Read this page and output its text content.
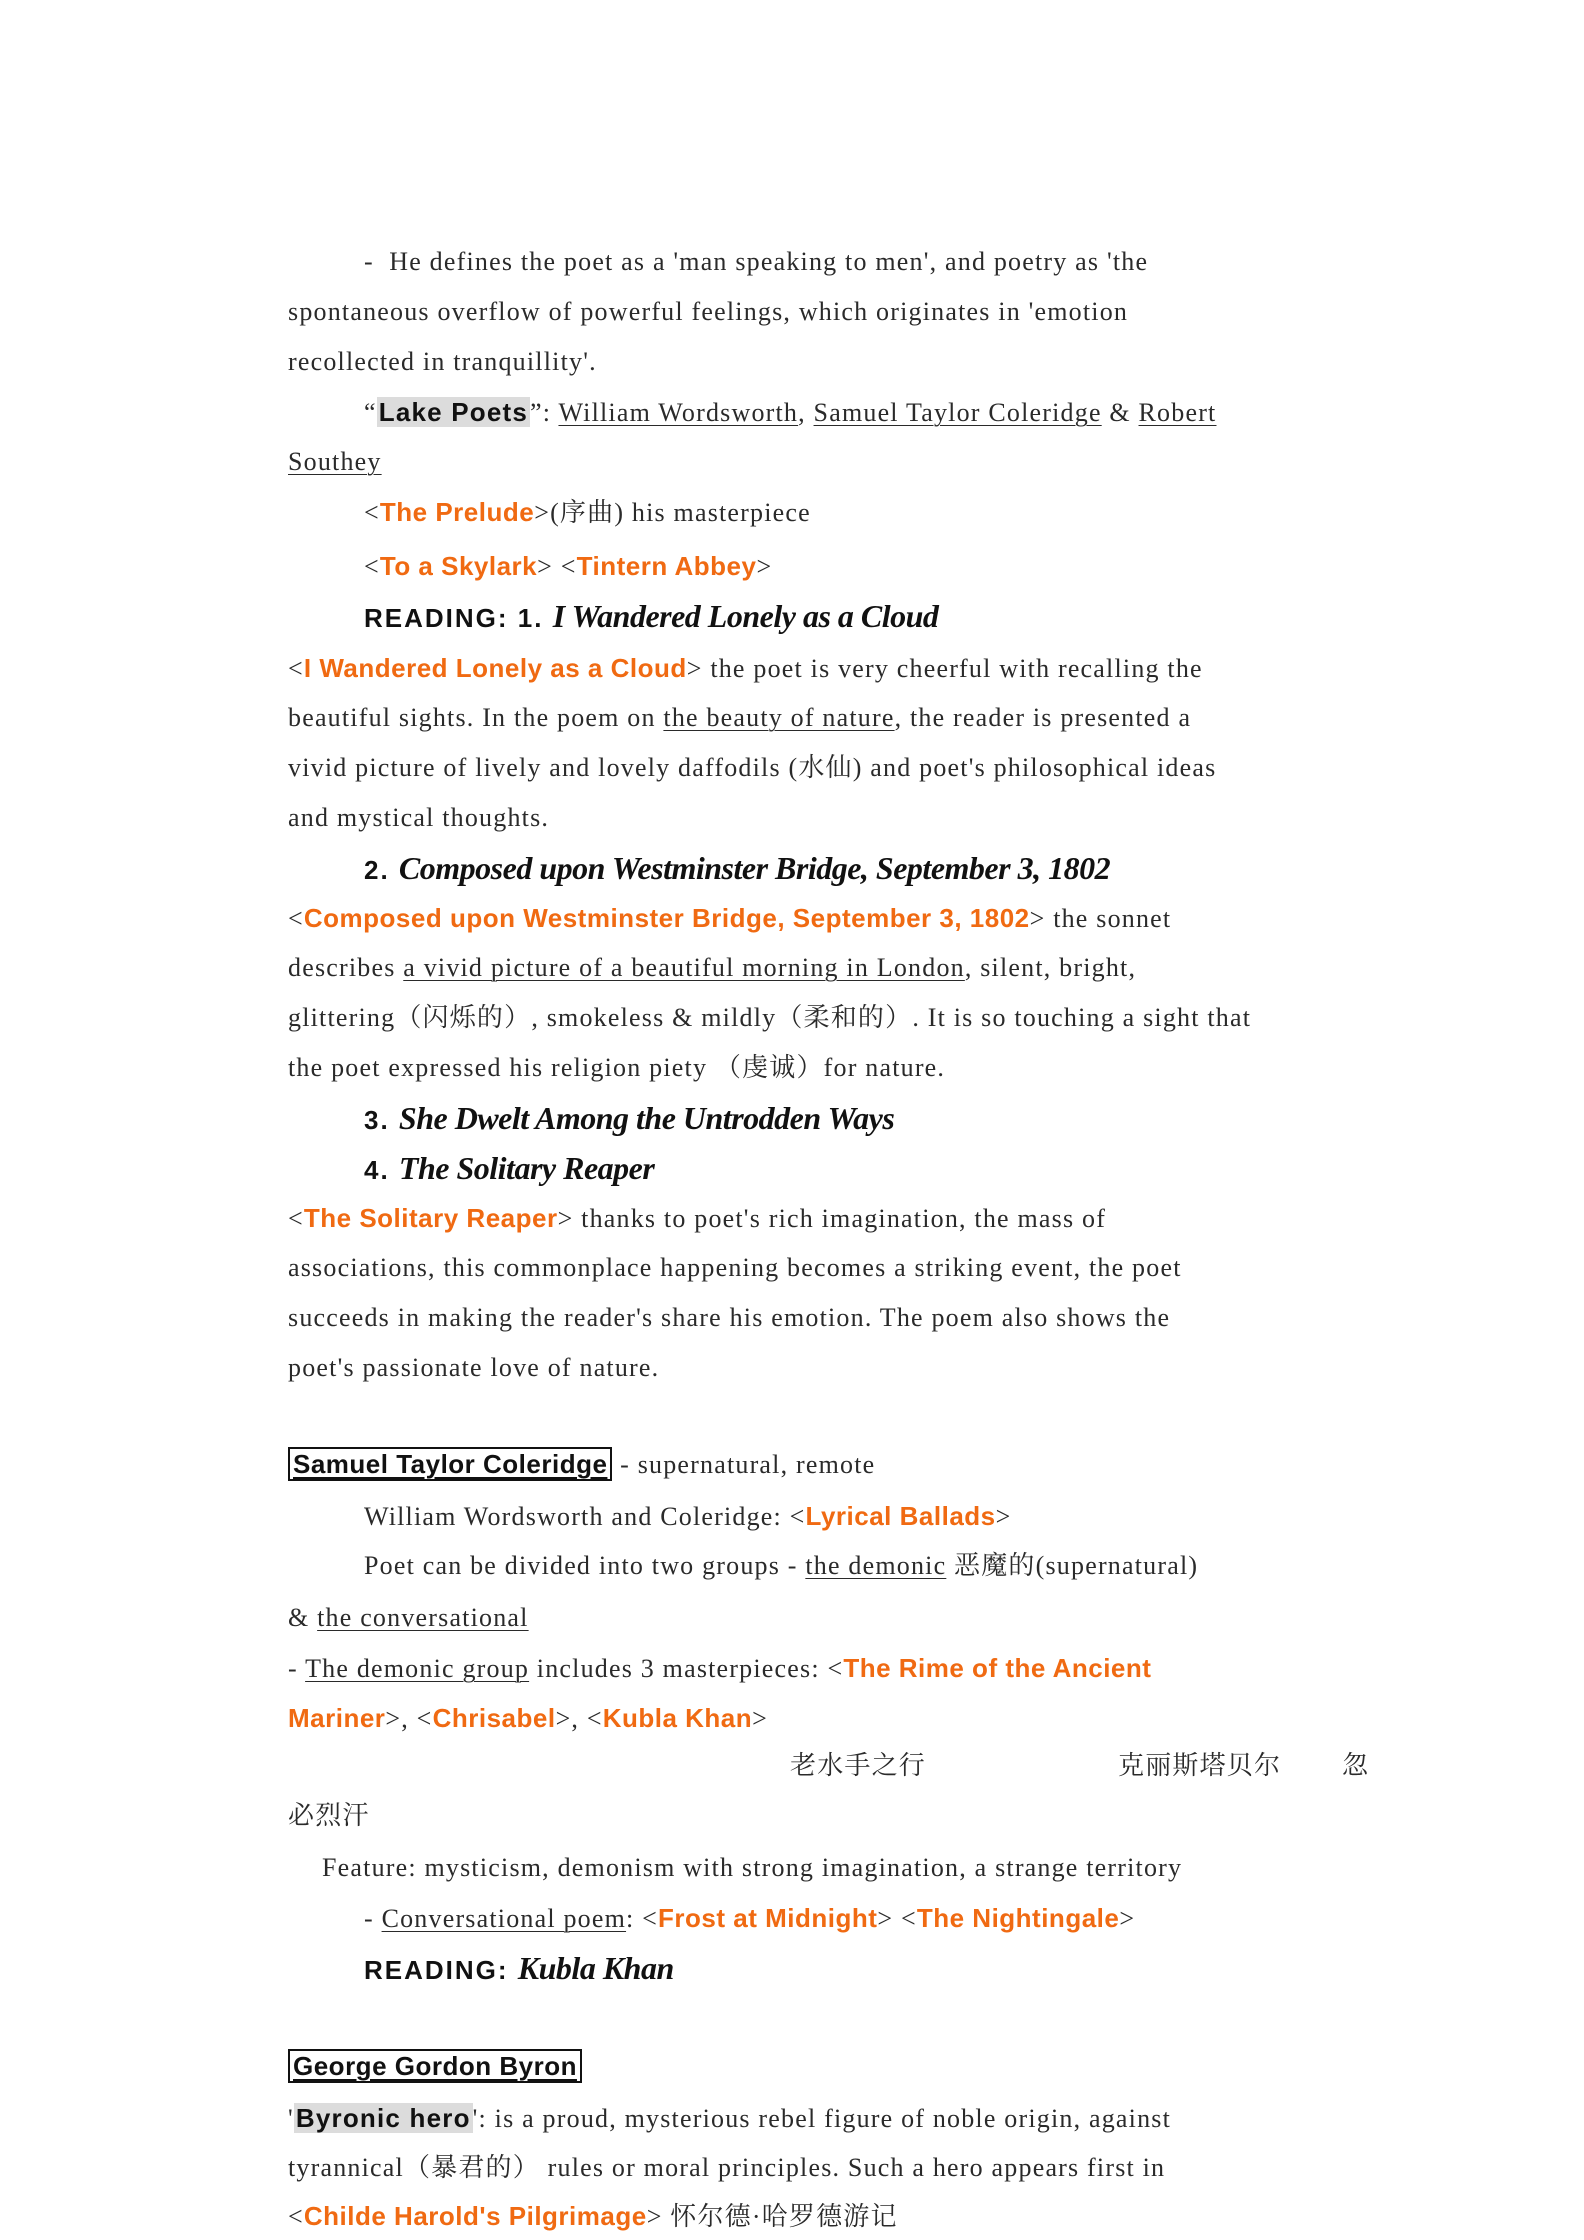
-  He defines the poet as a 'man speaking to men', and poetry as 'the
spontaneous overflow of powerful feelings, which originates in 'emotion
recollected in tranquillity'.
“Lake Poets”: William Wordsworth, Samuel Taylor Coleridge & Robert
Southey
<The Prelude>(序曲) his masterpiece
<To a Skylark> <Tintern Abbey>
READING: 1. I Wandered Lonely as a Cloud
<I Wandered Lonely as a Cloud> the poet is very cheerful with recalling the
beautiful sights. In the poem on the beauty of nature, the reader is presented a
vivid picture of lively and lovely daffodils (水仙) and poet's philosophical ideas
and mystical thoughts.
2. Composed upon Westminster Bridge, September 3, 1802
<Composed upon Westminster Bridge, September 3, 1802> the sonnet
describes a vivid picture of a beautiful morning in London, silent, bright,
glittering（闪烁的）, smokeless & mildly（柔和的）. It is so touching a sight that
the poet expressed his religion piety （虔诚）for nature.
3. She Dwelt Among the Untrodden Ways
4. The Solitary Reaper
<The Solitary Reaper> thanks to poet's rich imagination, the mass of
associations, this commonplace happening becomes a striking event, the poet
succeeds in making the reader's share his emotion. The poem also shows the
poet's passionate love of nature.
Samuel Taylor Coleridge - supernatural, remote
William Wordsworth and Coleridge: <Lyrical Ballads>
Poet can be divided into two groups - the demonic 恶魔的(supernatural)
& the conversational
- The demonic group includes 3 masterpieces: <The Rime of the Ancient
Mariner>, <Chrisabel>, <Kubla Khan>
老水手之行	克丽斯塔贝尔 忽
必烈汗
Feature: mysticism, demonism with strong imagination, a strange territory
- Conversational poem: <Frost at Midnight> <The Nightingale>
READING: Kubla Khan
George Gordon Byron
'Byronic hero': is a proud, mysterious rebel figure of noble origin, against
tyrannical（暴君的） rules or moral principles. Such a hero appears first in
<Childe Harold's Pilgrimage> 怀尔德·哈罗德游记
